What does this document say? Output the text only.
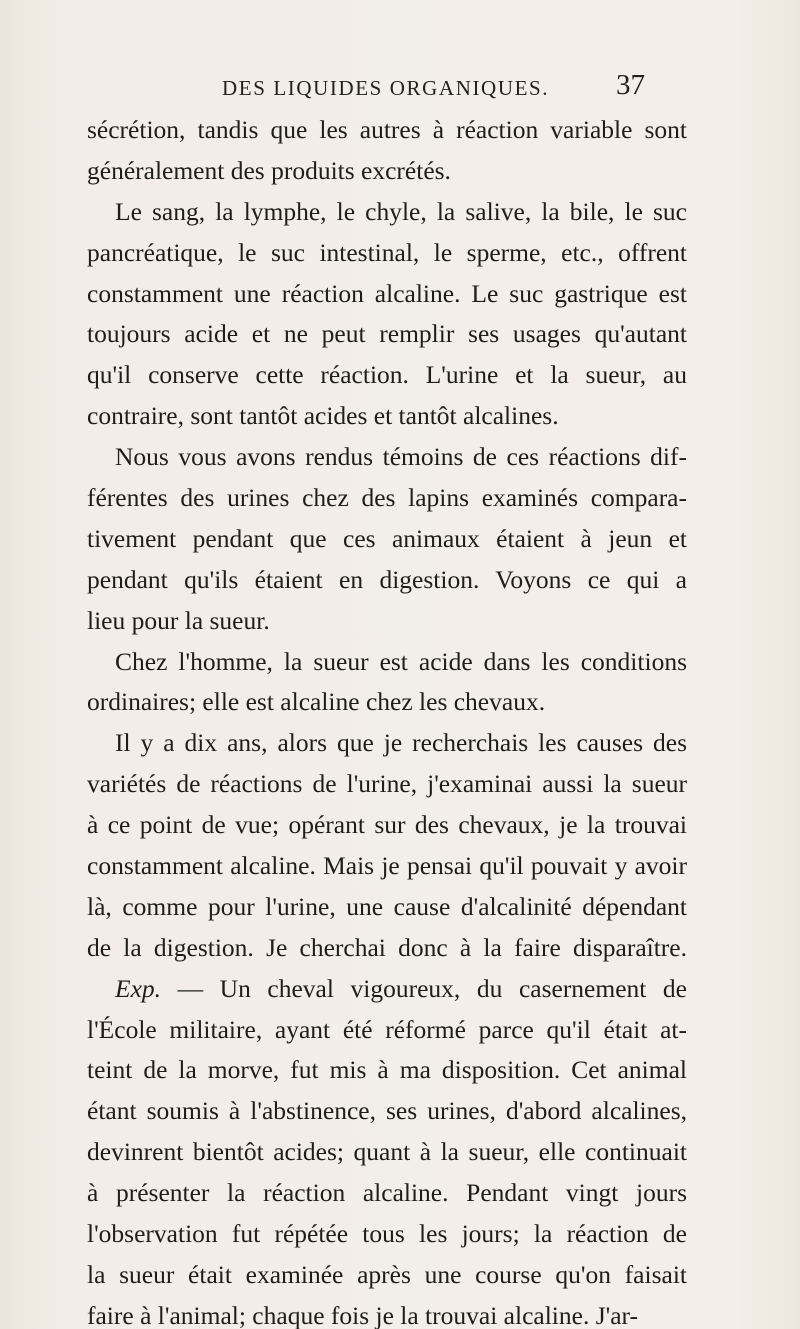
DES LIQUIDES ORGANIQUES. 37
sécrétion, tandis que les autres à réaction variable sont
généralement des produits excrétés.
Le sang, la lymphe, le chyle, la salive, la bile, le suc
pancréatique, le suc intestinal, le sperme, etc., offrent
constamment une réaction alcaline. Le suc gastrique est
toujours acide et ne peut remplir ses usages qu'autant
qu'il conserve cette réaction. L'urine et la sueur, au
contraire, sont tantôt acides et tantôt alcalines.
Nous vous avons rendus témoins de ces réactions dif-
férentes des urines chez des lapins examinés compara-
tivement pendant que ces animaux étaient à jeun et
pendant qu'ils étaient en digestion. Voyons ce qui a
lieu pour la sueur.
Chez l'homme, la sueur est acide dans les conditions
ordinaires; elle est alcaline chez les chevaux.
Il y a dix ans, alors que je recherchais les causes des
variétés de réactions de l'urine, j'examinai aussi la sueur
à ce point de vue; opérant sur des chevaux, je la trouvai
constamment alcaline. Mais je pensai qu'il pouvait y avoir
là, comme pour l'urine, une cause d'alcalinité dépendant
de la digestion. Je cherchai donc à la faire disparaître.
Exp. — Un cheval vigoureux, du casernement de
l'École militaire, ayant été réformé parce qu'il était at-
teint de la morve, fut mis à ma disposition. Cet animal
étant soumis à l'abstinence, ses urines, d'abord alcalines,
devinrent bientôt acides; quant à la sueur, elle continuait
à présenter la réaction alcaline. Pendant vingt jours
l'observation fut répétée tous les jours; la réaction de
la sueur était examinée après une course qu'on faisait
faire à l'animal; chaque fois je la trouvai alcaline. J'ar-
